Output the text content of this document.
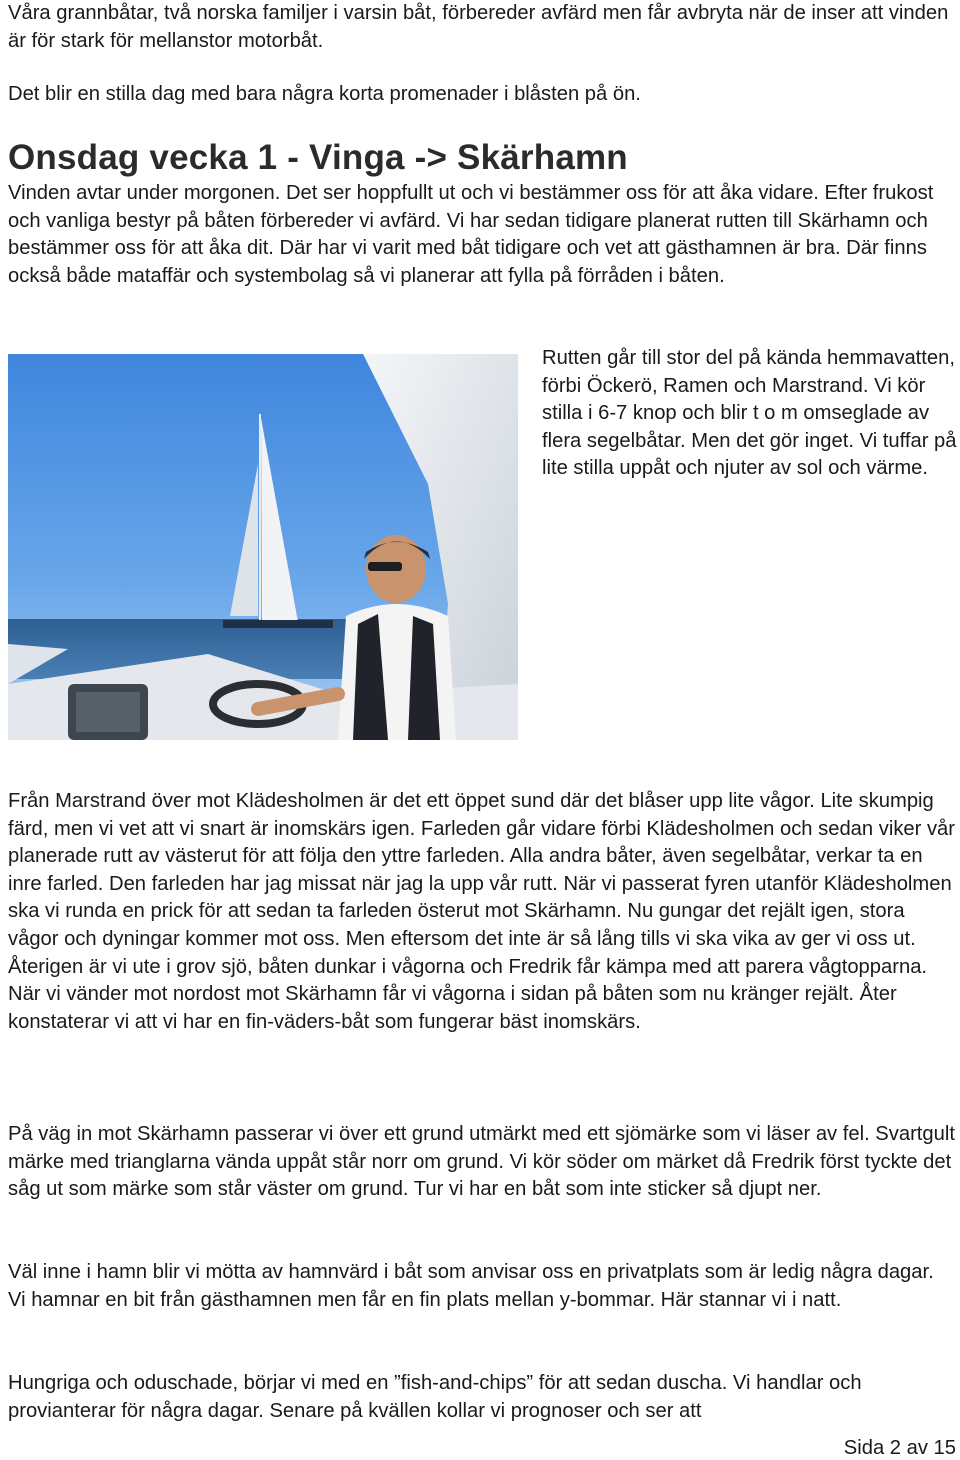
Våra grannbåtar, två norska familjer i varsin båt, förbereder avfärd men får avbryta när de inser att vinden är för stark för mellanstor motorbåt.

Det blir en stilla dag med bara några korta promenader i blåsten på ön.

Onsdag vecka 1 - Vinga -> Skärhamn

Vinden avtar under morgonen. Det ser hoppfullt ut och vi bestämmer oss för att åka vidare. Efter frukost och vanliga bestyr på båten förbereder vi avfärd. Vi har sedan tidigare planerat rutten till Skärhamn och bestämmer oss för att åka dit. Där har vi varit med båt tidigare och vet att gästhamnen är bra. Där finns också både mataffär och systembolag så vi planerar att fylla på förråden i båten.

Rutten går till stor del på kända hemmavatten, förbi Öckerö, Ramen och Marstrand. Vi kör stilla i 6-7 knop och blir t o m omseglade av flera segelbåtar. Men det gör inget. Vi tuffar på lite stilla uppåt och njuter av sol och värme.

Från Marstrand över mot Klädesholmen är det ett öppet sund där det blåser upp lite vågor. Lite skumpig färd, men vi vet att vi snart är inomskärs igen. Farleden går vidare förbi Klädesholmen och sedan viker vår planerade rutt av västerut för att följa den yttre farleden. Alla andra båter, även segelbåtar, verkar ta en inre farled. Den farleden har jag missat när jag la upp vår rutt. När vi passerat fyren utanför Klädesholmen ska vi runda en prick för att sedan ta farleden österut mot Skärhamn. Nu gungar det rejält igen, stora vågor och dyningar kommer mot oss. Men eftersom det inte är så lång tills vi ska vika av ger vi oss ut. Återigen är vi ute i grov sjö, båten dunkar i vågorna och Fredrik får kämpa med att parera vågtopparna. När vi vänder mot nordost mot Skärhamn får vi vågorna i sidan på båten som nu kränger rejält. Åter konstaterar vi att vi har en fin-väders-båt som fungerar bäst inomskärs.

På väg in mot Skärhamn passerar vi över ett grund utmärkt med ett sjömärke som vi läser av fel. Svartgult märke med trianglarna vända uppåt står norr om grund. Vi kör söder om märket då Fredrik först tyckte det såg ut som märke som står väster om grund. Tur vi har en båt som inte sticker så djupt ner.

Väl inne i hamn blir vi mötta av hamnvärd i båt som anvisar oss en privatplats som är ledig några dagar. Vi hamnar en bit från gästhamnen men får en fin plats mellan y-bommar. Här stannar vi i natt.

Hungriga och oduschade, börjar vi med en ”fish-and-chips” för att sedan duscha. Vi handlar och provianterar för några dagar. Senare på kvällen kollar vi prognoser och ser att

Sida 2 av 15
